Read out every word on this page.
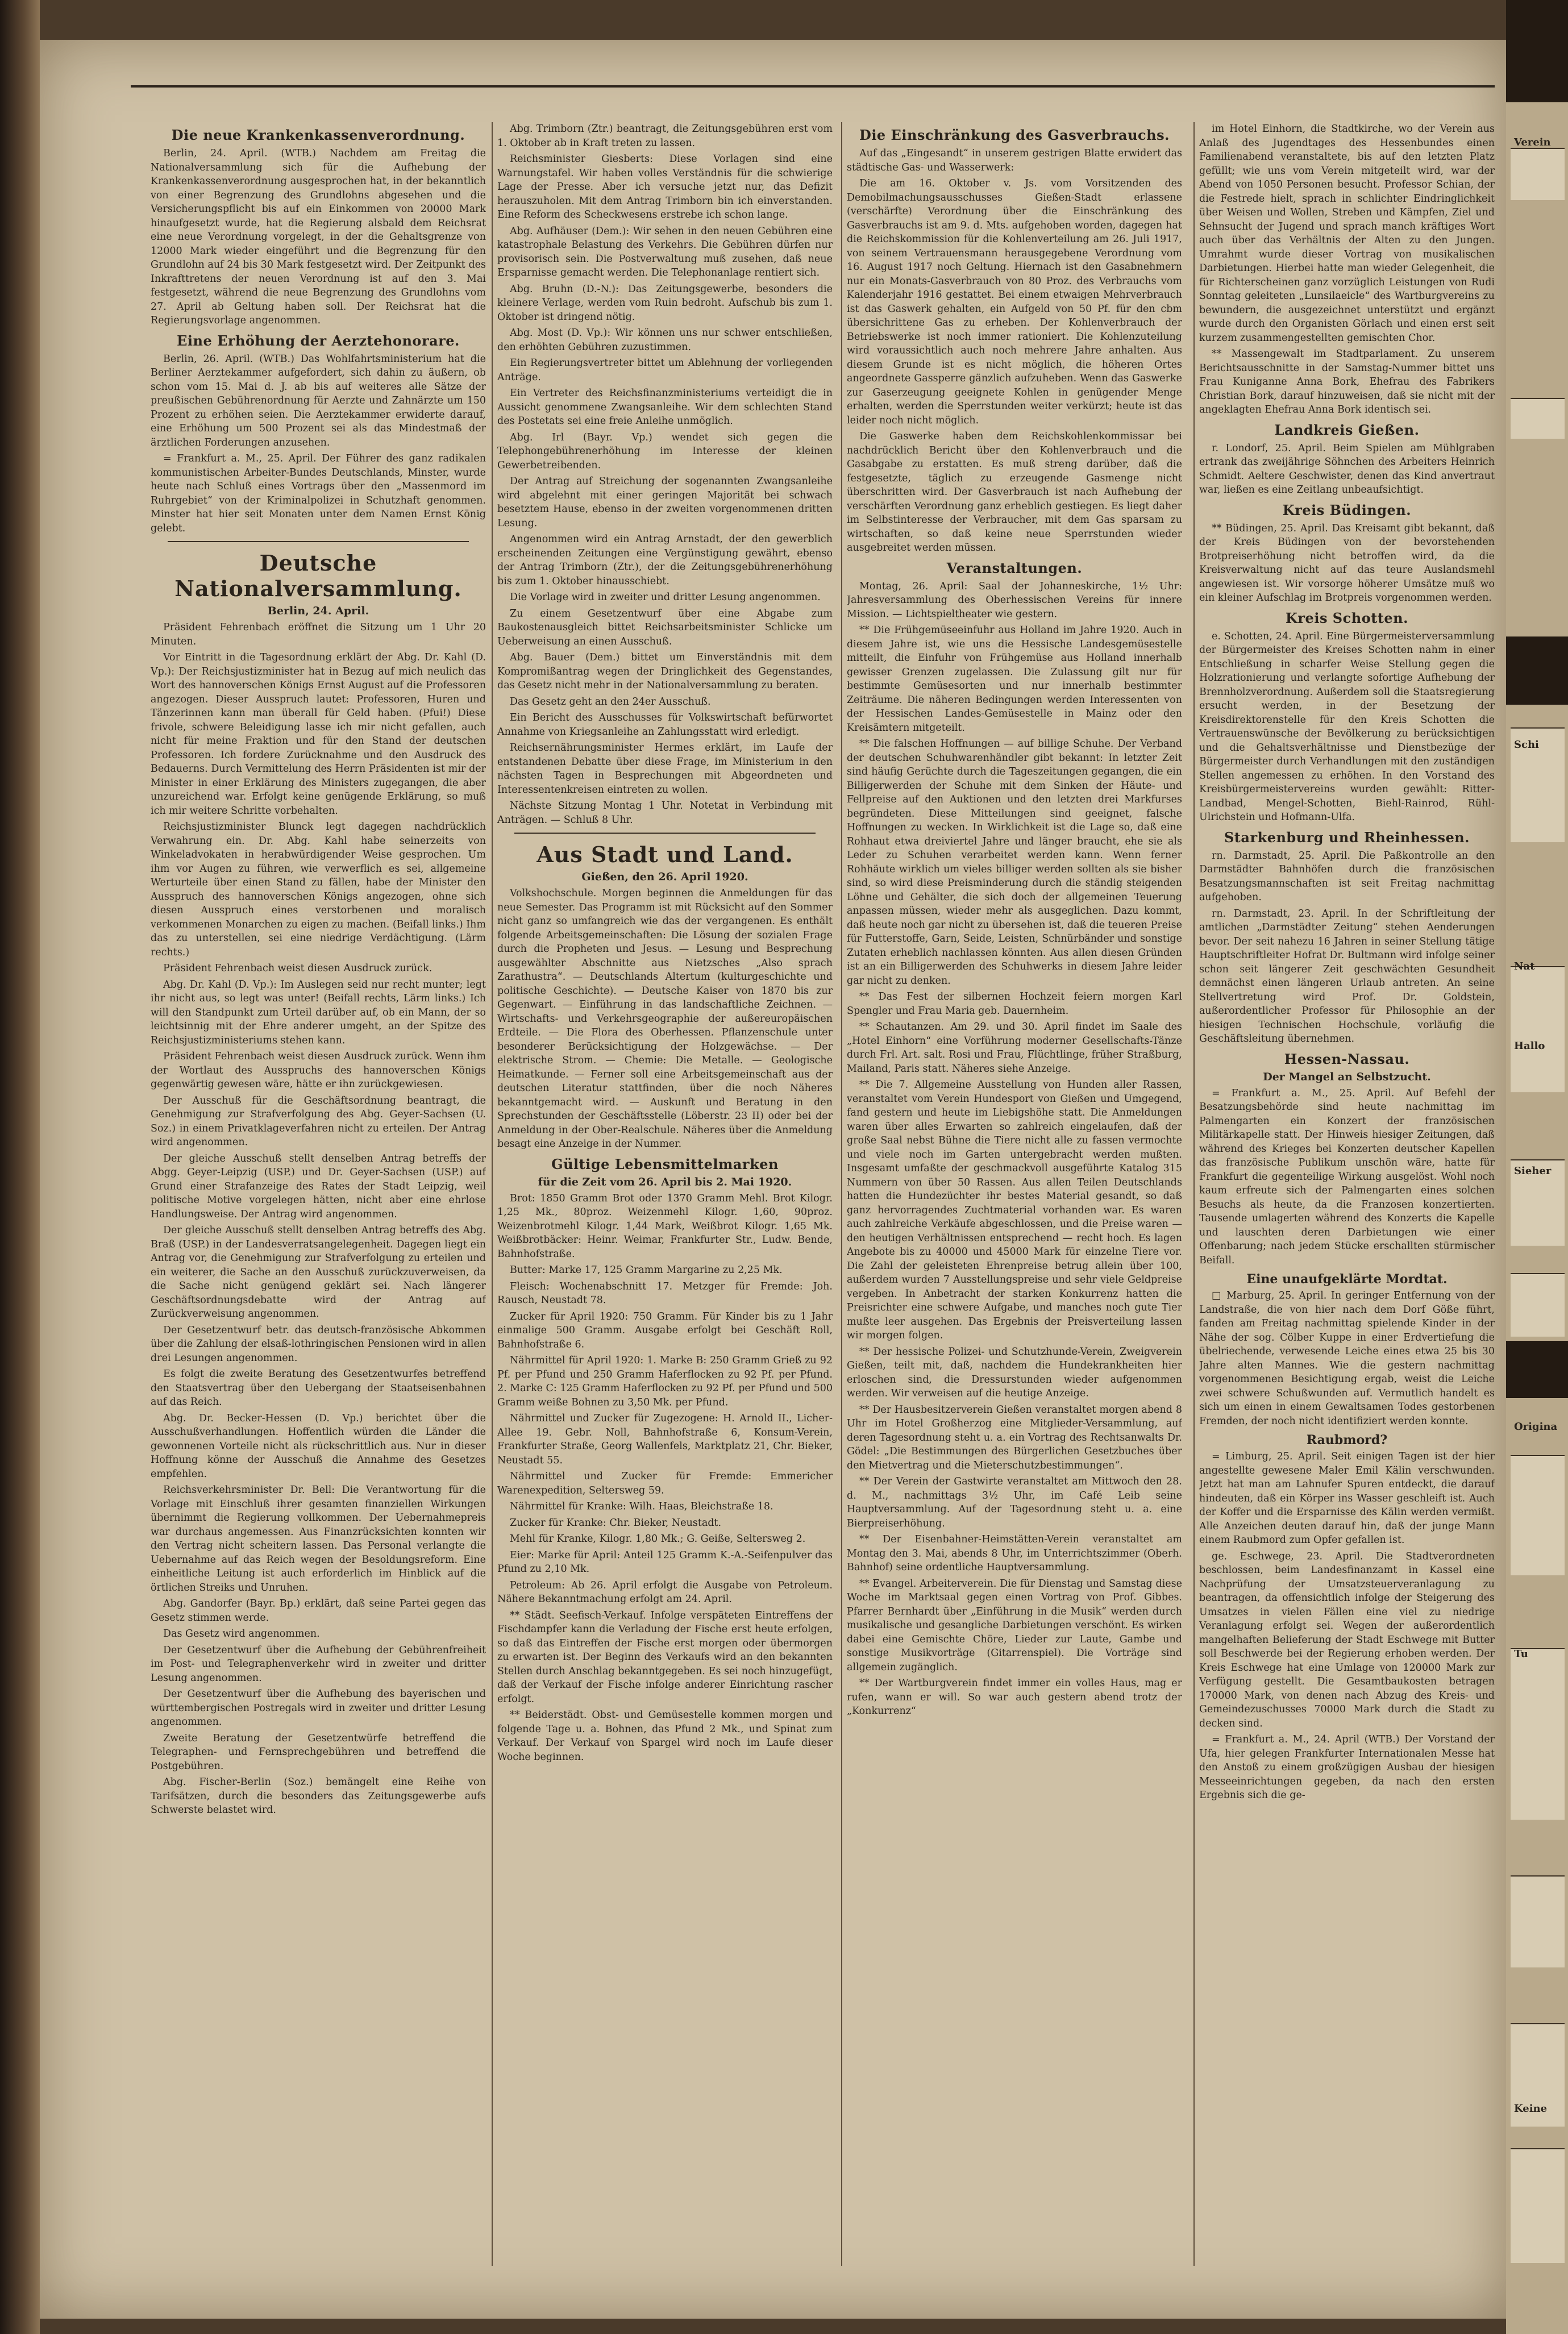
Die neue Krankenkassenverordnung.

Berlin, 24. April. (WTB.) Nachdem am Freitag die Nationalversammlung sich für die Aufhebung der Krankenkassenverordnung ausgesprochen hat, in der bekanntlich von einer Begrenzung des Grundlohns abgesehen und die Versicherungspflicht bis auf ein Einkommen von 20000 Mark hinaufgesetzt wurde, hat die Regierung alsbald dem Reichsrat eine neue Verordnung vorgelegt, in der die Gehaltsgrenze von 12000 Mark wieder eingeführt und die Begrenzung für den Grundlohn auf 24 bis 30 Mark festgesetzt wird. Der Zeitpunkt des Inkrafttretens der neuen Verordnung ist auf den 3. Mai festgesetzt, während die neue Begrenzung des Grundlohns vom 27. April ab Geltung haben soll. Der Reichsrat hat die Regierungsvorlage angenommen.

Eine Erhöhung der Aerztehonorare.

Berlin, 26. April. (WTB.) Das Wohlfahrtsministerium hat die Berliner Aerztekammer aufgefordert, sich dahin zu äußern, ob schon vom 15. Mai d. J. ab bis auf weiteres alle Sätze der preußischen Gebührenordnung für Aerzte und Zahnärzte um 150 Prozent zu erhöhen seien. Die Aerztekammer erwiderte darauf, eine Erhöhung um 500 Prozent sei als das Mindestmaß der ärztlichen Forderungen anzusehen.

= Frankfurt a. M., 25. April. Der Führer des ganz radikalen kommunistischen Arbeiter-Bundes Deutschlands, Minster, wurde heute nach Schluß eines Vortrags über den „Massenmord im Ruhrgebiet“ von der Kriminalpolizei in Schutzhaft genommen. Minster hat hier seit Monaten unter dem Namen Ernst König gelebt.

Deutsche Nationalversammlung.
Berlin, 24. April.

Präsident Fehrenbach eröffnet die Sitzung um 1 Uhr 20 Minuten.

Vor Eintritt in die Tagesordnung erklärt der Abg. Dr. Kahl (D. Vp.): Der Reichsjustizminister hat in Bezug auf mich neulich das Wort des hannoverschen Königs Ernst August auf die Professoren angezogen. Dieser Ausspruch lautet: Professoren, Huren und Tänzerinnen kann man überall für Geld haben. (Pfui!) Diese frivole, schwere Beleidigung lasse ich mir nicht gefallen, auch nicht für meine Fraktion und für den Stand der deutschen Professoren. Ich fordere Zurücknahme und den Ausdruck des Bedauerns. Durch Vermittelung des Herrn Präsidenten ist mir der Minister in einer Erklärung des Ministers zugegangen, die aber unzureichend war. Erfolgt keine genügende Erklärung, so muß ich mir weitere Schritte vorbehalten.

Reichsjustizminister Blunck legt dagegen nachdrücklich Verwahrung ein. Dr. Abg. Kahl habe seinerzeits von Winkeladvokaten in herabwürdigender Weise gesprochen. Um ihm vor Augen zu führen, wie verwerflich es sei, allgemeine Werturteile über einen Stand zu fällen, habe der Minister den Ausspruch des hannoverschen Königs angezogen, ohne sich diesen Ausspruch eines verstorbenen und moralisch verkommenen Monarchen zu eigen zu machen. (Beifall links.) Ihm das zu unterstellen, sei eine niedrige Verdächtigung. (Lärm rechts.)

Präsident Fehrenbach weist diesen Ausdruck zurück.

Abg. Dr. Kahl (D. Vp.): Im Auslegen seid nur recht munter; legt ihr nicht aus, so legt was unter! (Beifall rechts, Lärm links.) Ich will den Standpunkt zum Urteil darüber auf, ob ein Mann, der so leichtsinnig mit der Ehre anderer umgeht, an der Spitze des Reichsjustizministeriums stehen kann.

Präsident Fehrenbach weist diesen Ausdruck zurück. Wenn ihm der Wortlaut des Ausspruchs des hannoverschen Königs gegenwärtig gewesen wäre, hätte er ihn zurückgewiesen.

Der Ausschuß für die Geschäftsordnung beantragt, die Genehmigung zur Strafverfolgung des Abg. Geyer-Sachsen (U. Soz.) in einem Privatklageverfahren nicht zu erteilen. Der Antrag wird angenommen.

Der gleiche Ausschuß stellt denselben Antrag betreffs der Abgg. Geyer-Leipzig (USP.) und Dr. Geyer-Sachsen (USP.) auf Grund einer Strafanzeige des Rates der Stadt Leipzig, weil politische Motive vorgelegen hätten, nicht aber eine ehrlose Handlungsweise. Der Antrag wird angenommen.

Der gleiche Ausschuß stellt denselben Antrag betreffs des Abg. Braß (USP.) in der Landesverratsangelegenheit. Dagegen liegt ein Antrag vor, die Genehmigung zur Strafverfolgung zu erteilen und ein weiterer, die Sache an den Ausschuß zurückzuverweisen, da die Sache nicht genügend geklärt sei. Nach längerer Geschäftsordnungsdebatte wird der Antrag auf Zurückverweisung angenommen.

Der Gesetzentwurf betr. das deutsch-französische Abkommen über die Zahlung der elsaß-lothringischen Pensionen wird in allen drei Lesungen angenommen.

Es folgt die zweite Beratung des Gesetzentwurfes betreffend den Staatsvertrag über den Uebergang der Staatseisenbahnen auf das Reich.

Abg. Dr. Becker-Hessen (D. Vp.) berichtet über die Ausschußverhandlungen. Hoffentlich würden die Länder die gewonnenen Vorteile nicht als rückschrittlich aus. Nur in dieser Hoffnung könne der Ausschuß die Annahme des Gesetzes empfehlen.

Reichsverkehrsminister Dr. Bell: Die Verantwortung für die Vorlage mit Einschluß ihrer gesamten finanziellen Wirkungen übernimmt die Regierung vollkommen. Der Uebernahmepreis war durchaus angemessen. Aus Finanzrücksichten konnten wir den Vertrag nicht scheitern lassen. Das Personal verlangte die Uebernahme auf das Reich wegen der Besoldungsreform. Eine einheitliche Leitung ist auch erforderlich im Hinblick auf die örtlichen Streiks und Unruhen.

Abg. Gandorfer (Bayr. Bp.) erklärt, daß seine Partei gegen das Gesetz stimmen werde.

Das Gesetz wird angenommen.

Der Gesetzentwurf über die Aufhebung der Gebührenfreiheit im Post- und Telegraphenverkehr wird in zweiter und dritter Lesung angenommen.

Der Gesetzentwurf über die Aufhebung des bayerischen und württembergischen Postregals wird in zweiter und dritter Lesung angenommen.

Zweite Beratung der Gesetzentwürfe betreffend die Telegraphen- und Fernsprechgebühren und betreffend die Postgebühren.

Abg. Fischer-Berlin (Soz.) bemängelt eine Reihe von Tarifsätzen, durch die besonders das Zeitungsgewerbe aufs Schwerste belastet wird.

Abg. Trimborn (Ztr.) beantragt, die Zeitungsgebühren erst vom 1. Oktober ab in Kraft treten zu lassen.

Reichsminister Giesberts: Diese Vorlagen sind eine Warnungstafel. Wir haben volles Verständnis für die schwierige Lage der Presse. Aber ich versuche jetzt nur, das Defizit herauszuholen. Mit dem Antrag Trimborn bin ich einverstanden. Eine Reform des Scheckwesens erstrebe ich schon lange.

Abg. Aufhäuser (Dem.): Wir sehen in den neuen Gebühren eine katastrophale Belastung des Verkehrs. Die Gebühren dürfen nur provisorisch sein. Die Postverwaltung muß zusehen, daß neue Ersparnisse gemacht werden. Die Telephonanlage rentiert sich.

Abg. Bruhn (D.-N.): Das Zeitungsgewerbe, besonders die kleinere Verlage, werden vom Ruin bedroht. Aufschub bis zum 1. Oktober ist dringend nötig.

Abg. Most (D. Vp.): Wir können uns nur schwer entschließen, den erhöhten Gebühren zuzustimmen.

Ein Regierungsvertreter bittet um Ablehnung der vorliegenden Anträge.

Ein Vertreter des Reichsfinanzministeriums verteidigt die in Aussicht genommene Zwangsanleihe. Wir dem schlechten Stand des Postetats sei eine freie Anleihe unmöglich.

Abg. Irl (Bayr. Vp.) wendet sich gegen die Telephongebührenerhöhung im Interesse der kleinen Gewerbetreibenden.

Der Antrag auf Streichung der sogenannten Zwangsanleihe wird abgelehnt mit einer geringen Majorität bei schwach besetztem Hause, ebenso in der zweiten vorgenommenen dritten Lesung.

Angenommen wird ein Antrag Arnstadt, der den gewerblich erscheinenden Zeitungen eine Vergünstigung gewährt, ebenso der Antrag Trimborn (Ztr.), der die Zeitungsgebührenerhöhung bis zum 1. Oktober hinausschiebt.

Die Vorlage wird in zweiter und dritter Lesung angenommen.

Zu einem Gesetzentwurf über eine Abgabe zum Baukostenausgleich bittet Reichsarbeitsminister Schlicke um Ueberweisung an einen Ausschuß.

Abg. Bauer (Dem.) bittet um Einverständnis mit dem Kompromißantrag wegen der Dringlichkeit des Gegenstandes, das Gesetz nicht mehr in der Nationalversammlung zu beraten.

Das Gesetz geht an den 24er Ausschuß.

Ein Bericht des Ausschusses für Volkswirtschaft befürwortet Annahme von Kriegsanleihe an Zahlungsstatt wird erledigt.

Reichsernährungsminister Hermes erklärt, im Laufe der entstandenen Debatte über diese Frage, im Ministerium in den nächsten Tagen in Besprechungen mit Abgeordneten und Interessentenkreisen eintreten zu wollen.

Nächste Sitzung Montag 1 Uhr. Notetat in Verbindung mit Anträgen. — Schluß 8 Uhr.

Aus Stadt und Land.
Gießen, den 26. April 1920.

Volkshochschule. Morgen beginnen die Anmeldungen für das neue Semester. Das Programm ist mit Rücksicht auf den Sommer nicht ganz so umfangreich wie das der vergangenen. Es enthält folgende Arbeitsgemeinschaften: Die Lösung der sozialen Frage durch die Propheten und Jesus. — Lesung und Besprechung ausgewählter Abschnitte aus Nietzsches „Also sprach Zarathustra“. — Deutschlands Altertum (kulturgeschichte und politische Geschichte). — Deutsche Kaiser von 1870 bis zur Gegenwart. — Einführung in das landschaftliche Zeichnen. — Wirtschafts- und Verkehrsgeographie der außereuropäischen Erdteile. — Die Flora des Oberhessen. Pflanzenschule unter besonderer Berücksichtigung der Holzgewächse. — Der elektrische Strom. — Chemie: Die Metalle. — Geologische Heimatkunde. — Ferner soll eine Arbeitsgemeinschaft aus der deutschen Literatur stattfinden, über die noch Näheres bekanntgemacht wird. — Auskunft und Beratung in den Sprechstunden der Geschäftsstelle (Löberstr. 23 II) oder bei der Anmeldung in der Ober-Realschule. Näheres über die Anmeldung besagt eine Anzeige in der Nummer.

Gültige Lebensmittelmarken
für die Zeit vom 26. April bis 2. Mai 1920.

Brot: 1850 Gramm Brot oder 1370 Gramm Mehl. Brot Kilogr. 1,25 Mk., 80proz. Weizenmehl Kilogr. 1,60, 90proz. Weizenbrotmehl Kilogr. 1,44 Mark, Weißbrot Kilogr. 1,65 Mk. Weißbrotbäcker: Heinr. Weimar, Frankfurter Str., Ludw. Bende, Bahnhofstraße.

Butter: Marke 17, 125 Gramm Margarine zu 2,25 Mk.

Fleisch: Wochenabschnitt 17. Metzger für Fremde: Joh. Rausch, Neustadt 78.

Zucker für April 1920: 750 Gramm. Für Kinder bis zu 1 Jahr einmalige 500 Gramm. Ausgabe erfolgt bei Geschäft Roll, Bahnhofstraße 6.

Nährmittel für April 1920: 1. Marke B: 250 Gramm Grieß zu 92 Pf. per Pfund und 250 Gramm Haferflocken zu 92 Pf. per Pfund. 2. Marke C: 125 Gramm Haferflocken zu 92 Pf. per Pfund und 500 Gramm weiße Bohnen zu 3,50 Mk. per Pfund.

Nährmittel und Zucker für Zugezogene: H. Arnold II., Licher-Allee 19. Gebr. Noll, Bahnhofstraße 6, Konsum-Verein, Frankfurter Straße, Georg Wallenfels, Marktplatz 21, Chr. Bieker, Neustadt 55.

Nährmittel und Zucker für Fremde: Emmericher Warenexpedition, Seltersweg 59.

Nährmittel für Kranke: Wilh. Haas, Bleichstraße 18.

Zucker für Kranke: Chr. Bieker, Neustadt.

Mehl für Kranke, Kilogr. 1,80 Mk.; G. Geiße, Seltersweg 2.

Eier: Marke für April: Anteil 125 Gramm K.-A.-Seifenpulver das Pfund zu 2,10 Mk.

Petroleum: Ab 26. April erfolgt die Ausgabe von Petroleum. Nähere Bekanntmachung erfolgt am 24. April.

** Städt. Seefisch-Verkauf. Infolge verspäteten Eintreffens der Fischdampfer kann die Verladung der Fische erst heute erfolgen, so daß das Eintreffen der Fische erst morgen oder übermorgen zu erwarten ist. Der Beginn des Verkaufs wird an den bekannten Stellen durch Anschlag bekanntgegeben. Es sei noch hinzugefügt, daß der Verkauf der Fische infolge anderer Einrichtung rascher erfolgt.

** Beiderstädt. Obst- und Gemüsestelle kommen morgen und folgende Tage u. a. Bohnen, das Pfund 2 Mk., und Spinat zum Verkauf. Der Verkauf von Spargel wird noch im Laufe dieser Woche beginnen.

Die Einschränkung des Gasverbrauchs.

Auf das „Eingesandt“ in unserem gestrigen Blatte erwidert das städtische Gas- und Wasserwerk:

Die am 16. Oktober v. Js. vom Vorsitzenden des Demobilmachungsausschusses Gießen-Stadt erlassene (verschärfte) Verordnung über die Einschränkung des Gasverbrauchs ist am 9. d. Mts. aufgehoben worden, dagegen hat die Reichskommission für die Kohlenverteilung am 26. Juli 1917, von seinem Vertrauensmann herausgegebene Verordnung vom 16. August 1917 noch Geltung. Hiernach ist den Gasabnehmern nur ein Monats-Gasverbrauch von 80 Proz. des Verbrauchs vom Kalenderjahr 1916 gestattet. Bei einem etwaigen Mehrverbrauch ist das Gaswerk gehalten, ein Aufgeld von 50 Pf. für den cbm übersichrittene Gas zu erheben. Der Kohlenverbrauch der Betriebswerke ist noch immer rationiert. Die Kohlenzuteilung wird voraussichtlich auch noch mehrere Jahre anhalten. Aus diesem Grunde ist es nicht möglich, die höheren Ortes angeordnete Gassperre gänzlich aufzuheben. Wenn das Gaswerke zur Gaserzeugung geeignete Kohlen in genügender Menge erhalten, werden die Sperrstunden weiter verkürzt; heute ist das leider noch nicht möglich.

Die Gaswerke haben dem Reichskohlenkommissar bei nachdrücklich Bericht über den Kohlenverbrauch und die Gasabgabe zu erstatten. Es muß streng darüber, daß die festgesetzte, täglich zu erzeugende Gasmenge nicht überschritten wird. Der Gasverbrauch ist nach Aufhebung der verschärften Verordnung ganz erheblich gestiegen. Es liegt daher im Selbstinteresse der Verbraucher, mit dem Gas sparsam zu wirtschaften, so daß keine neue Sperrstunden wieder ausgebreitet werden müssen.

Veranstaltungen.

Montag, 26. April: Saal der Johanneskirche, 1½ Uhr: Jahresversammlung des Oberhessischen Vereins für innere Mission. — Lichtspieltheater wie gestern.

** Die Frühgemüseeinfuhr aus Holland im Jahre 1920. Auch in diesem Jahre ist, wie uns die Hessische Landesgemüsestelle mitteilt, die Einfuhr von Frühgemüse aus Holland innerhalb gewisser Grenzen zugelassen. Die Zulassung gilt nur für bestimmte Gemüsesorten und nur innerhalb bestimmter Zeiträume. Die näheren Bedingungen werden Interessenten von der Hessischen Landes-Gemüsestelle in Mainz oder den Kreisämtern mitgeteilt.

** Die falschen Hoffnungen — auf billige Schuhe. Der Verband der deutschen Schuhwarenhändler gibt bekannt: In letzter Zeit sind häufig Gerüchte durch die Tageszeitungen gegangen, die ein Billigerwerden der Schuhe mit dem Sinken der Häute- und Fellpreise auf den Auktionen und den letzten drei Markfurses begründeten. Diese Mitteilungen sind geeignet, falsche Hoffnungen zu wecken. In Wirklichkeit ist die Lage so, daß eine Rohhaut etwa dreiviertel Jahre und länger braucht, ehe sie als Leder zu Schuhen verarbeitet werden kann. Wenn ferner Rohhäute wirklich um vieles billiger werden sollten als sie bisher sind, so wird diese Preisminderung durch die ständig steigenden Löhne und Gehälter, die sich doch der allgemeinen Teuerung anpassen müssen, wieder mehr als ausgeglichen. Dazu kommt, daß heute noch gar nicht zu übersehen ist, daß die teueren Preise für Futterstoffe, Garn, Seide, Leisten, Schnürbänder und sonstige Zutaten erheblich nachlassen könnten. Aus allen diesen Gründen ist an ein Billigerwerden des Schuhwerks in diesem Jahre leider gar nicht zu denken.

** Das Fest der silbernen Hochzeit feiern morgen Karl Spengler und Frau Maria geb. Dauernheim.

** Schautanzen. Am 29. und 30. April findet im Saale des „Hotel Einhorn“ eine Vorführung moderner Gesellschafts-Tänze durch Frl. Art. salt. Rosi und Frau, Flüchtlinge, früher Straßburg, Mailand, Paris statt. Näheres siehe Anzeige.

** Die 7. Allgemeine Ausstellung von Hunden aller Rassen, veranstaltet vom Verein Hundesport von Gießen und Umgegend, fand gestern und heute im Liebigshöhe statt. Die Anmeldungen waren über alles Erwarten so zahlreich eingelaufen, daß der große Saal nebst Bühne die Tiere nicht alle zu fassen vermochte und viele noch im Garten untergebracht werden mußten. Insgesamt umfaßte der geschmackvoll ausgeführte Katalog 315 Nummern von über 50 Rassen. Aus allen Teilen Deutschlands hatten die Hundezüchter ihr bestes Material gesandt, so daß ganz hervorragendes Zuchtmaterial vorhanden war. Es waren auch zahlreiche Verkäufe abgeschlossen, und die Preise waren — den heutigen Verhältnissen entsprechend — recht hoch. Es lagen Angebote bis zu 40000 und 45000 Mark für einzelne Tiere vor. Die Zahl der geleisteten Ehrenpreise betrug allein über 100, außerdem wurden 7 Ausstellungspreise und sehr viele Geldpreise vergeben. In Anbetracht der starken Konkurrenz hatten die Preisrichter eine schwere Aufgabe, und manches noch gute Tier mußte leer ausgehen. Das Ergebnis der Preisverteilung lassen wir morgen folgen.

** Der hessische Polizei- und Schutzhunde-Verein, Zweigverein Gießen, teilt mit, daß, nachdem die Hundekrankheiten hier erloschen sind, die Dressurstunden wieder aufgenommen werden. Wir verweisen auf die heutige Anzeige.

** Der Hausbesitzerverein Gießen veranstaltet morgen abend 8 Uhr im Hotel Großherzog eine Mitglieder-Versammlung, auf deren Tagesordnung steht u. a. ein Vortrag des Rechtsanwalts Dr. Gödel: „Die Bestimmungen des Bürgerlichen Gesetzbuches über den Mietvertrag und die Mieterschutzbestimmungen“.

** Der Verein der Gastwirte veranstaltet am Mittwoch den 28. d. M., nachmittags 3½ Uhr, im Café Leib seine Hauptversammlung. Auf der Tagesordnung steht u. a. eine Bierpreiserhöhung.

** Der Eisenbahner-Heimstätten-Verein veranstaltet am Montag den 3. Mai, abends 8 Uhr, im Unterrichtszimmer (Oberh. Bahnhof) seine ordentliche Hauptversammlung.

** Evangel. Arbeiterverein. Die für Dienstag und Samstag diese Woche im Marktsaal gegen einen Vortrag von Prof. Gibbes. Pfarrer Bernhardt über „Einführung in die Musik“ werden durch musikalische und gesangliche Darbietungen verschönt. Es wirken dabei eine Gemischte Chöre, Lieder zur Laute, Gambe und sonstige Musikvorträge (Gitarrenspiel). Die Vorträge sind allgemein zugänglich.

** Der Wartburgverein findet immer ein volles Haus, mag er rufen, wann er will. So war auch gestern abend trotz der „Konkurrenz“

im Hotel Einhorn, die Stadtkirche, wo der Verein aus Anlaß des Jugendtages des Hessenbundes einen Familienabend veranstaltete, bis auf den letzten Platz gefüllt; wie uns vom Verein mitgeteilt wird, war der Abend von 1050 Personen besucht. Professor Schian, der die Festrede hielt, sprach in schlichter Eindringlichkeit über Weisen und Wollen, Streben und Kämpfen, Ziel und Sehnsucht der Jugend und sprach manch kräftiges Wort auch über das Verhältnis der Alten zu den Jungen. Umrahmt wurde dieser Vortrag von musikalischen Darbietungen. Hierbei hatte man wieder Gelegenheit, die für Richterscheinen ganz vorzüglich Leistungen von Rudi Sonntag geleiteten „Lunsilaeicle“ des Wartburgvereins zu bewundern, die ausgezeichnet unterstützt und ergänzt wurde durch den Organisten Görlach und einen erst seit kurzem zusammengestellten gemischten Chor.

** Massengewalt im Stadtparlament. Zu unserem Berichtsausschnitte in der Samstag-Nummer bittet uns Frau Kuniganne Anna Bork, Ehefrau des Fabrikers Christian Bork, darauf hinzuweisen, daß sie nicht mit der angeklagten Ehefrau Anna Bork identisch sei.

Landkreis Gießen.

r. Londorf, 25. April. Beim Spielen am Mühlgraben ertrank das zweijährige Söhnchen des Arbeiters Heinrich Schmidt. Aeltere Geschwister, denen das Kind anvertraut war, ließen es eine Zeitlang unbeaufsichtigt.

Kreis Büdingen.

** Büdingen, 25. April. Das Kreisamt gibt bekannt, daß der Kreis Büdingen von der bevorstehenden Brotpreiserhöhung nicht betroffen wird, da die Kreisverwaltung nicht auf das teure Auslandsmehl angewiesen ist. Wir vorsorge höherer Umsätze muß wo ein kleiner Aufschlag im Brotpreis vorgenommen werden.

Kreis Schotten.

e. Schotten, 24. April. Eine Bürgermeisterversammlung der Bürgermeister des Kreises Schotten nahm in einer Entschließung in scharfer Weise Stellung gegen die Holzrationierung und verlangte sofortige Aufhebung der Brennholzverordnung. Außerdem soll die Staatsregierung ersucht werden, in der Besetzung der Kreisdirektorenstelle für den Kreis Schotten die Vertrauenswünsche der Bevölkerung zu berücksichtigen und die Gehaltsverhältnisse und Dienstbezüge der Bürgermeister durch Verhandlungen mit den zuständigen Stellen angemessen zu erhöhen. In den Vorstand des Kreisbürgermeistervereins wurden gewählt: Ritter-Landbad, Mengel-Schotten, Biehl-Rainrod, Rühl-Ulrichstein und Hofmann-Ulfa.

Starkenburg und Rheinhessen.

rn. Darmstadt, 25. April. Die Paßkontrolle an den Darmstädter Bahnhöfen durch die französischen Besatzungsmannschaften ist seit Freitag nachmittag aufgehoben.

rn. Darmstadt, 23. April. In der Schriftleitung der amtlichen „Darmstädter Zeitung“ stehen Aenderungen bevor. Der seit nahezu 16 Jahren in seiner Stellung tätige Hauptschriftleiter Hofrat Dr. Bultmann wird infolge seiner schon seit längerer Zeit geschwächten Gesundheit demnächst einen längeren Urlaub antreten. An seine Stellvertretung wird Prof. Dr. Goldstein, außerordentlicher Professor für Philosophie an der hiesigen Technischen Hochschule, vorläufig die Geschäftsleitung übernehmen.

Hessen-Nassau.
Der Mangel an Selbstzucht.

= Frankfurt a. M., 25. April. Auf Befehl der Besatzungsbehörde sind heute nachmittag im Palmengarten ein Konzert der französischen Militärkapelle statt. Der Hinweis hiesiger Zeitungen, daß während des Krieges bei Konzerten deutscher Kapellen das französische Publikum unschön wäre, hatte für Frankfurt die gegenteilige Wirkung ausgelöst. Wohl noch kaum erfreute sich der Palmengarten eines solchen Besuchs als heute, da die Franzosen konzertierten. Tausende umlagerten während des Konzerts die Kapelle und lauschten deren Darbietungen wie einer Offenbarung; nach jedem Stücke erschallten stürmischer Beifall.

Eine unaufgeklärte Mordtat.

□ Marburg, 25. April. In geringer Entfernung von der Landstraße, die von hier nach dem Dorf Göße führt, fanden am Freitag nachmittag spielende Kinder in der Nähe der sog. Cölber Kuppe in einer Erdvertiefung die übelriechende, verwesende Leiche eines etwa 25 bis 30 Jahre alten Mannes. Wie die gestern nachmittag vorgenommenen Besichtigung ergab, weist die Leiche zwei schwere Schußwunden auf. Vermutlich handelt es sich um einen in einem Gewaltsamen Todes gestorbenen Fremden, der noch nicht identifiziert werden konnte.

Raubmord?

= Limburg, 25. April. Seit einigen Tagen ist der hier angestellte gewesene Maler Emil Kälin verschwunden. Jetzt hat man am Lahnufer Spuren entdeckt, die darauf hindeuten, daß ein Körper ins Wasser geschleift ist. Auch der Koffer und die Ersparnisse des Kälin werden vermißt. Alle Anzeichen deuten darauf hin, daß der junge Mann einem Raubmord zum Opfer gefallen ist.

ge. Eschwege, 23. April. Die Stadtverordneten beschlossen, beim Landesfinanzamt in Kassel eine Nachprüfung der Umsatzsteuerveranlagung zu beantragen, da offensichtlich infolge der Steigerung des Umsatzes in vielen Fällen eine viel zu niedrige Veranlagung erfolgt sei. Wegen der außerordentlich mangelhaften Belieferung der Stadt Eschwege mit Butter soll Beschwerde bei der Regierung erhoben werden. Der Kreis Eschwege hat eine Umlage von 120000 Mark zur Verfügung gestellt. Die Gesamtbaukosten betragen 170000 Mark, von denen nach Abzug des Kreis- und Gemeindezuschusses 70000 Mark durch die Stadt zu decken sind.

= Frankfurt a. M., 24. April (WTB.) Der Vorstand der Ufa, hier gelegen Frankfurter Internationalen Messe hat den Anstoß zu einem großzügigen Ausbau der hiesigen Messeeinrichtungen gegeben, da nach den ersten Ergebnis sich die ge-

Verein
Schi
Origina
Nat
Hallo
Sieher
Tu
Keine
